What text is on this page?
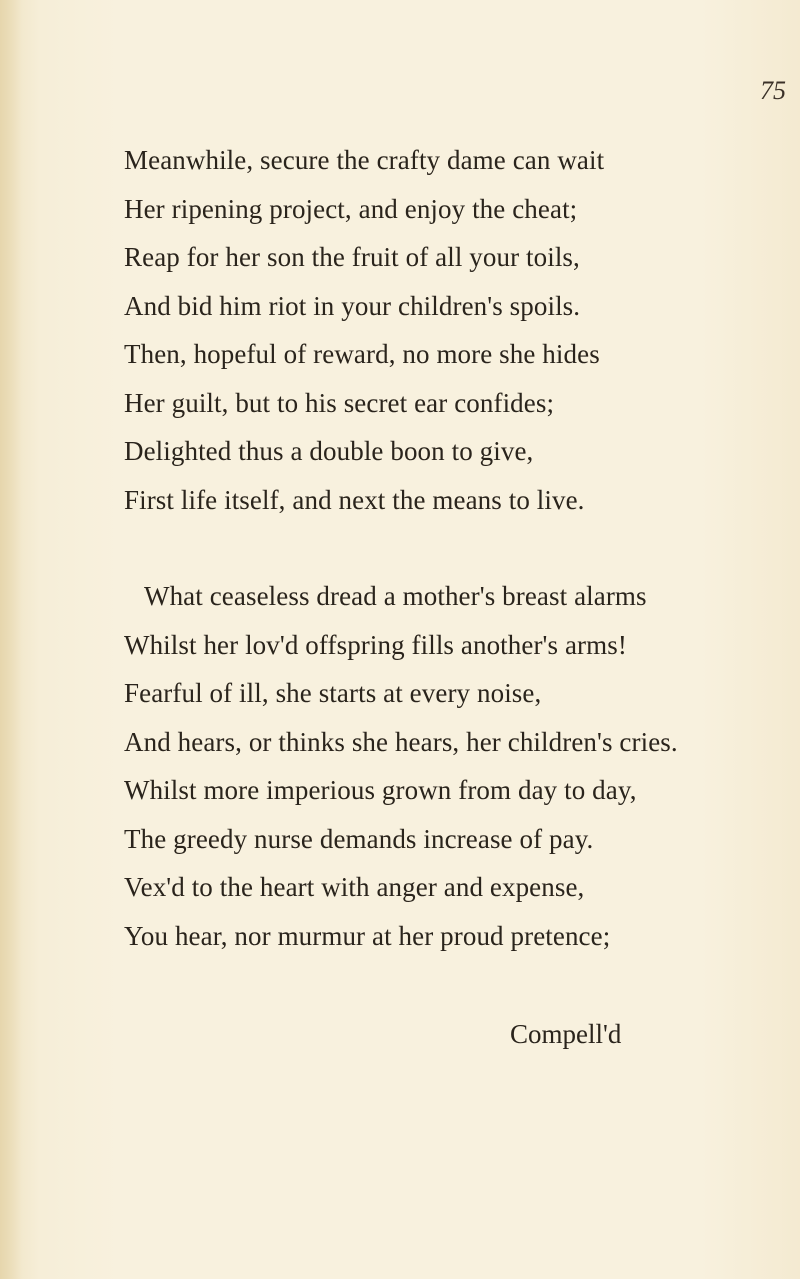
75
Meanwhile, secure the crafty dame can wait
Her ripening project, and enjoy the cheat;
Reap for her son the fruit of all your toils,
And bid him riot in your children's spoils.
Then, hopeful of reward, no more she hides
Her guilt, but to his secret ear confides;
Delighted thus a double boon to give,
First life itself, and next the means to live.
What ceaseless dread a mother's breast alarms
Whilst her lov'd offspring fills another's arms!
Fearful of ill, she starts at every noise,
And hears, or thinks she hears, her children's cries.
Whilst more imperious grown from day to day,
The greedy nurse demands increase of pay.
Vex'd to the heart with anger and expense,
You hear, nor murmur at her proud pretence;
Compell'd
